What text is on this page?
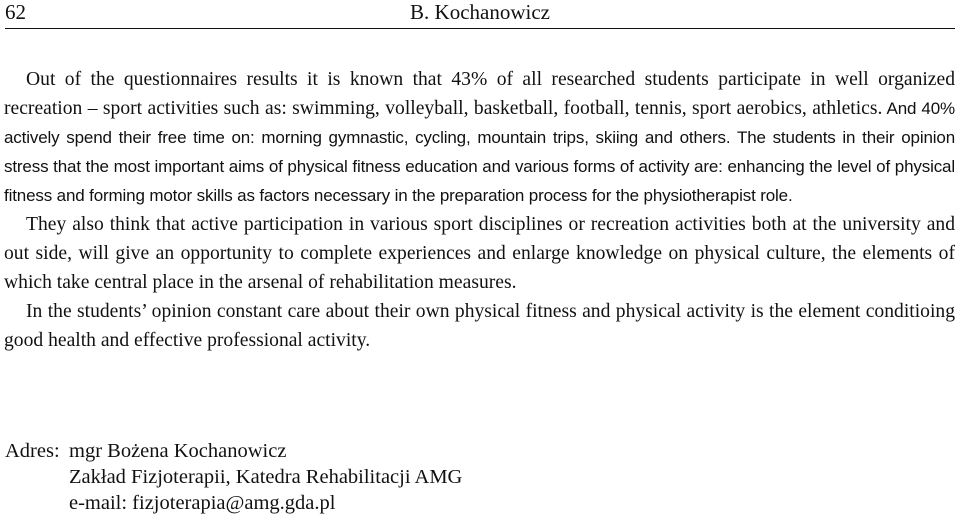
62	B. Kochanowicz

Out of the questionnaires results it is known that 43% of all researched students participate in well organized recreation – sport activities such as: swimming, volleyball, basketball, football, tennis, sport aerobics, athletics. And 40% actively spend their free time on: morning gymnastic, cycling, mountain trips, skiing and others. The students in their opinion stress that the most important aims of physical fitness education and various forms of activity are: enhancing the level of physical fitness and forming motor skills as factors necessary in the preparation process for the physiotherapist role.

They also think that active participation in various sport disciplines or recreation activities both at the university and out side, will give an opportunity to complete experiences and enlarge knowledge on physical culture, the elements of which take central place in the arsenal of rehabilitation measures.

In the students’ opinion constant care about their own physical fitness and physical activity is the element conditioing good health and effective professional activity.

Adres: mgr Bożena Kochanowicz
Zakład Fizjoterapii, Katedra Rehabilitacji AMG
e-mail: fizjoterapia@amg.gda.pl
